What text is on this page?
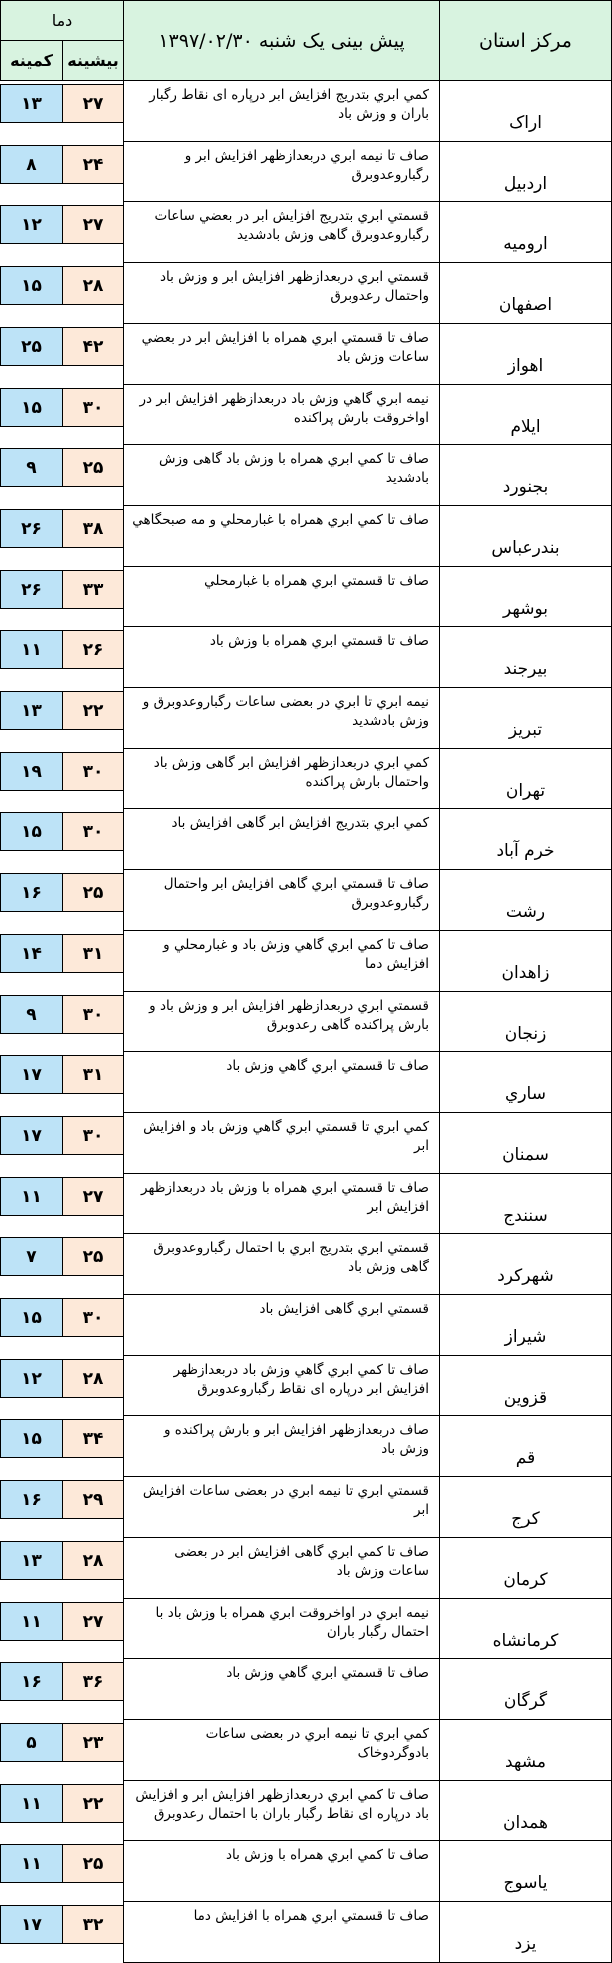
مرکز استان
پیش بینی یک شنبه ۱۳۹۷/۰۲/۳۰
دما
بیشینه
کمینه
اراک
كمي ابري بتدريج افزايش ابر درپاره ای نقاط رگبار باران و وزش باد
۲۷
۱۳
اردبیل
صاف تا نيمه ابري دربعدازظهر افزايش ابر و رگباروعدوبرق
۲۴
۸
ارومیه
قسمتي ابري بتدريج افزايش ابر در بعضي ساعات رگباروعدوبرق گاهی وزش بادشديد
۲۷
۱۲
اصفهان
قسمتي ابري دربعدازظهر افزايش ابر و وزش باد واحتمال رعدوبرق
۲۸
۱۵
اهواز
صاف تا قسمتي ابري همراه با افزايش ابر در بعضي ساعات وزش باد
۴۲
۲۵
ایلام
نيمه ابري گاهي وزش باد دربعدازظهر افزايش ابر در اواخروقت بارش پراکنده
۳۰
۱۵
بجنورد
صاف تا كمي ابري همراه با وزش باد گاهی وزش بادشديد
۲۵
۹
بندرعباس
صاف تا كمي ابري همراه با غبارمحلي و مه صبحگاهي
۳۸
۲۶
بوشهر
صاف تا قسمتي ابري همراه با غبارمحلي
۳۳
۲۶
بیرجند
صاف تا قسمتي ابري همراه با وزش باد
۲۶
۱۱
تبریز
نيمه ابري تا ابري در بعضی ساعات رگباروعدوبرق و وزش بادشديد
۲۲
۱۳
تهران
كمي ابري دربعدازظهر افزايش ابر گاهی وزش باد واحتمال بارش پراكنده
۳۰
۱۹
خرم آباد
كمي ابري بتدريج افزايش ابر گاهی افزایش باد
۳۰
۱۵
رشت
صاف تا قسمتي ابري گاهی افزايش ابر واحتمال رگباروعدوبرق
۲۵
۱۶
زاهدان
صاف تا كمي ابري گاهي وزش باد و غبارمحلي و افزايش دما
۳۱
۱۴
زنجان
قسمتي ابري دربعدازظهر افزايش ابر و وزش باد و بارش پراكنده گاهی رعدوبرق
۳۰
۹
ساري
صاف تا قسمتي ابري گاهي وزش باد
۳۱
۱۷
سمنان
كمي ابري تا قسمتي ابري گاهي وزش باد و افزایش ابر
۳۰
۱۷
سنندج
صاف تا قسمتي ابري همراه با وزش باد دربعدازظهر افزايش ابر
۲۷
۱۱
شهرکرد
قسمتي ابري بتدريج ابري با احتمال رگباروعدوبرق گاهی وزش باد
۲۵
۷
شیراز
قسمتي ابري گاهی افزايش باد
۳۰
۱۵
قزوین
صاف تا كمي ابري گاهي وزش باد دربعدازظهر افزايش ابر درپاره ای نقاط رگباروعدوبرق
۲۸
۱۲
قم
صاف دربعدازظهر افزايش ابر و بارش پراكنده و وزش باد
۳۴
۱۵
کرج
قسمتي ابري تا نيمه ابري در بعضی ساعات افزايش ابر
۲۹
۱۶
کرمان
صاف تا كمي ابري گاهی افزايش ابر در بعضی ساعات وزش باد
۲۸
۱۳
کرمانشاه
نيمه ابري در اواخروقت ابري همراه با وزش باد با احتمال رگبار باران
۲۷
۱۱
گرگان
صاف تا قسمتي ابري گاهي وزش باد
۳۶
۱۶
مشهد
كمي ابري تا نيمه ابري در بعضی ساعات بادوگردوخاک
۲۳
۵
همدان
صاف تا كمي ابري دربعدازظهر افزايش ابر و افزايش باد درپاره ای نقاط رگبار باران با احتمال رعدوبرق
۲۲
۱۱
یاسوج
صاف تا كمي ابري همراه با وزش باد
۲۵
۱۱
یزد
صاف تا قسمتي ابري همراه با افزايش دما
۳۲
۱۷
